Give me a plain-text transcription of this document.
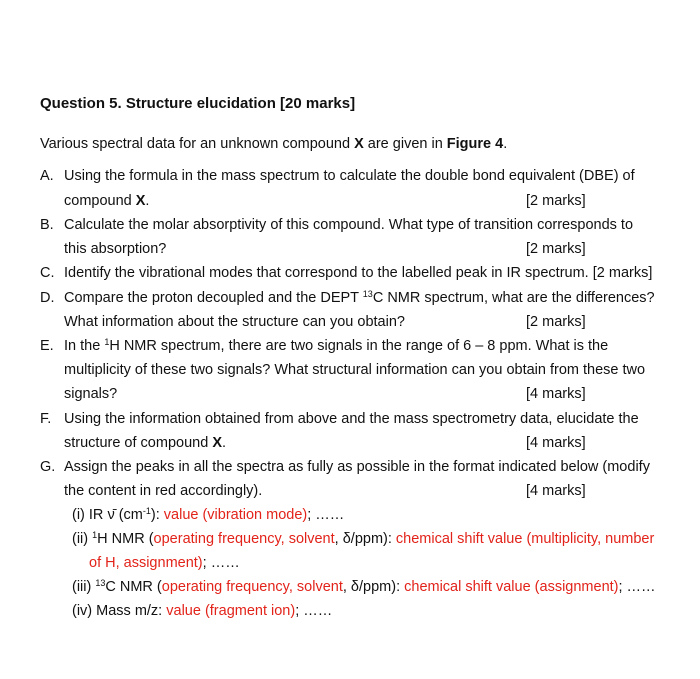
Question 5. Structure elucidation [20 marks]
Various spectral data for an unknown compound X are given in Figure 4.
A. Using the formula in the mass spectrum to calculate the double bond equivalent (DBE) of
compound X.	[2 marks]
B. Calculate the molar absorptivity of this compound. What type of transition corresponds to
this absorption?	[2 marks]
C. Identify the vibrational modes that correspond to the labelled peak in IR spectrum. [2 marks]
D. Compare the proton decoupled and the DEPT $^{13}$C NMR spectrum, what are the differences?
What information about the structure can you obtain?	[2 marks]
E. In the $^1$H NMR spectrum, there are two signals in the range of 6 – 8 ppm. What is the
multiplicity of these two signals? What structural information can you obtain from these two
signals?	[4 marks]
F. Using the information obtained from above and the mass spectrometry data, elucidate the
structure of compound X.	[4 marks]
G. Assign the peaks in all the spectra as fully as possible in the format indicated below (modify
the content in red accordingly).	[4 marks]
(i) IR ν̄ $(cm^{-1})$: value (vibration mode); ……
(ii) $^1$H NMR (operating frequency, solvent, δ/ppm): chemical shift value (multiplicity, number
of H, assignment); ……
(iii) $^{13}$C NMR (operating frequency, solvent, δ/ppm): chemical shift value (assignment); ……
(iv) Mass m/z: value (fragment ion); ……
